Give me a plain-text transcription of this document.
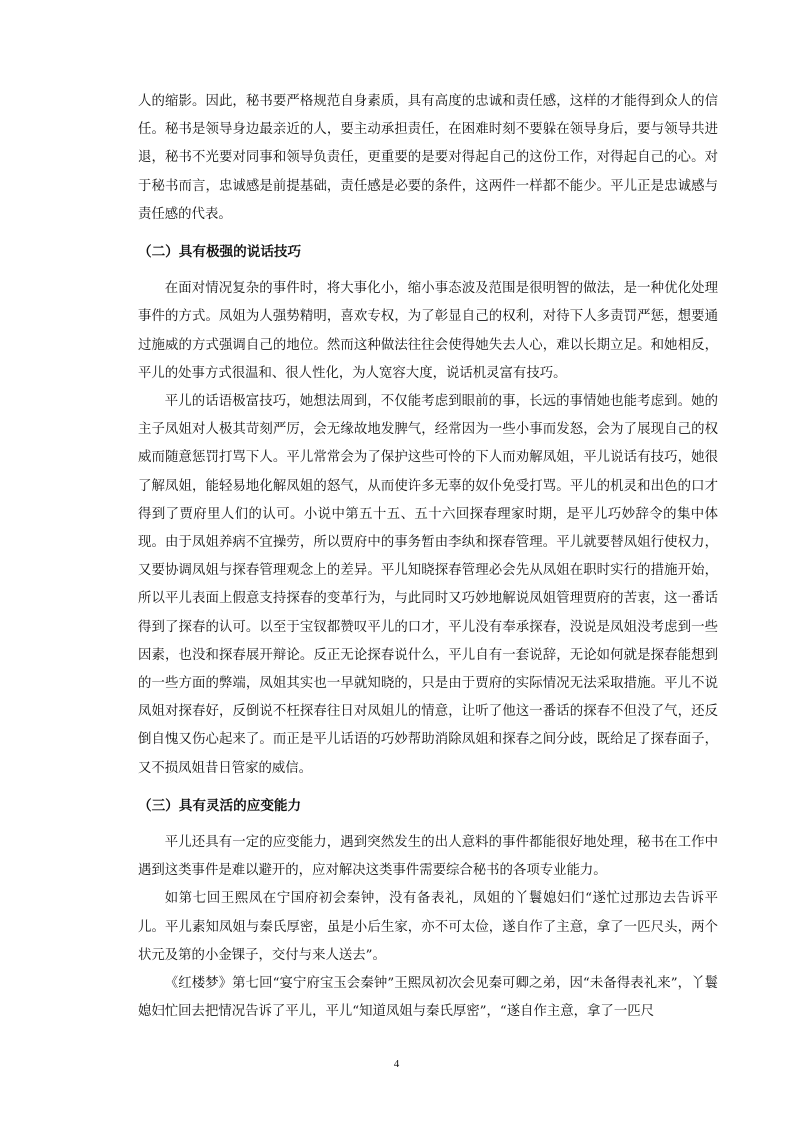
人的缩影。因此，秘书要严格规范自身素质，具有高度的忠诚和责任感，这样的才能得到众人的信任。秘书是领导身边最亲近的人，要主动承担责任，在困难时刻不要躲在领导身后，要与领导共进退，秘书不光要对同事和领导负责任，更重要的是要对得起自己的这份工作，对得起自己的心。对于秘书而言，忠诚感是前提基础，责任感是必要的条件，这两件一样都不能少。平儿正是忠诚感与责任感的代表。

（二）具有极强的说话技巧

在面对情况复杂的事件时，将大事化小，缩小事态波及范围是很明智的做法，是一种优化处理事件的方式。凤姐为人强势精明，喜欢专权，为了彰显自己的权利，对待下人多责罚严惩，想要通过施威的方式强调自己的地位。然而这种做法往往会使得她失去人心，难以长期立足。和她相反，平儿的处事方式很温和、很人性化，为人宽容大度，说话机灵富有技巧。

平儿的话语极富技巧，她想法周到，不仅能考虑到眼前的事，长远的事情她也能考虑到。她的主子凤姐对人极其苛刻严厉，会无缘故地发脾气，经常因为一些小事而发怒，会为了展现自己的权威而随意惩罚打骂下人。平儿常常会为了保护这些可怜的下人而劝解凤姐，平儿说话有技巧，她很了解凤姐，能轻易地化解凤姐的怒气，从而使许多无辜的奴仆免受打骂。平儿的机灵和出色的口才得到了贾府里人们的认可。小说中第五十五、五十六回探春理家时期，是平儿巧妙辞令的集中体现。由于凤姐养病不宜操劳，所以贾府中的事务暂由李纨和探春管理。平儿就要替凤姐行使权力，又要协调凤姐与探春管理观念上的差异。平儿知晓探春管理必会先从凤姐在职时实行的措施开始，所以平儿表面上假意支持探春的变革行为，与此同时又巧妙地解说凤姐管理贾府的苦衷，这一番话得到了探春的认可。以至于宝钗都赞叹平儿的口才，平儿没有奉承探春，没说是凤姐没考虑到一些因素，也没和探春展开辩论。反正无论探春说什么，平儿自有一套说辞，无论如何就是探春能想到的一些方面的弊端，凤姐其实也一早就知晓的，只是由于贾府的实际情况无法采取措施。平儿不说凤姐对探春好，反倒说不枉探春往日对凤姐儿的情意，让听了他这一番话的探春不但没了气，还反倒自愧又伤心起来了。而正是平儿话语的巧妙帮助消除凤姐和探春之间分歧，既给足了探春面子，又不损凤姐昔日管家的威信。

（三）具有灵活的应变能力

平儿还具有一定的应变能力，遇到突然发生的出人意料的事件都能很好地处理，秘书在工作中遇到这类事件是难以避开的，应对解决这类事件需要综合秘书的各项专业能力。

如第七回王熙凤在宁国府初会秦钟，没有备表礼，凤姐的丫鬟媳妇们“遂忙过那边去告诉平儿。平儿素知凤姐与秦氏厚密，虽是小后生家，亦不可太俭，遂自作了主意，拿了一匹尺头，两个状元及第的小金锞子，交付与来人送去”。

《红楼梦》第七回“宴宁府宝玉会秦钟”王熙凤初次会见秦可卿之弟，因“未备得表礼来”，丫鬟媳妇忙回去把情况告诉了平儿，平儿“知道凤姐与秦氏厚密”，“遂自作主意，拿了一匹尺

4
